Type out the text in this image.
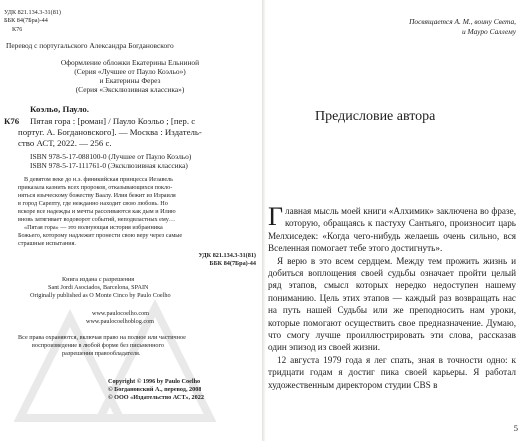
УДК 821.134.3-31(81)
ББК 84(7Бра)-44
К76
Перевод с португальского Александра Богдановского
Оформление обложки Екатерины Ельниной
(Серия «Лучшее от Пауло Коэльо»)
и Екатерины Ферез
(Серия «Эксклюзивная классика»)
Коэльо, Пауло.
К76 Пятая гора : [роман] / Пауло Коэльо ; [пер. с
португ. А. Богдановского]. — Москва : Издатель-
ство АСТ, 2022. — 256 с.
ISBN 978-5-17-088100-0 (Лучшее от Пауло Коэльо)
ISBN 978-5-17-111761-0 (Эксклюзивная классика)
В девятом веке до н.э. финикийская принцесса Иезавель
приказала казнить всех пророков, отказывающихся покло-
няться языческому божеству Ваалу. Илия бежит из Израиля
в город Сарепту, где нежданно находит свою любовь. Но
вскоре все надежды и мечты рассеиваются как дым и Илию
вновь затягивает водоворот событий, неподвластных ему…
«Пятая гора» — это волнующая история избранника
Божьего, которому надлежит пронести свою веру через самые
страшные испытания.
УДК 821.134.3-31(81)
ББК 84(7Бра)-44
Книга издана с разрешения
Sant Jordi Asociados, Barcelona, SPAIN
Originally published as O Monte Cinco by Paulo Coelho
www.paulocoelho.com
www.paulocoelhoblog.com
Все права охраняются, включая право на полное или частичное
воспроизведение в любой форме без письменного
разрешения правообладателя.
Copyright © 1996 by Paulo Coelho
© Богдановский А., перевод, 2008
© ООО «Издательство АСТ», 2022
Посвящается А. М., воину Света,
и Мауро Саллему
Предисловие автора

Главная мысль моей книги «Алхимик» заключена во фразе, которую, обращаясь к пастуху Сантьяго, произносит царь Мелхиседек: «Когда чего-нибудь желаешь очень сильно, вся Вселенная помогает тебе этого достигнуть».

Я верю в это всем сердцем. Между тем прожить жизнь и добиться воплощения своей судьбы означает пройти целый ряд этапов, смысл которых нередко недоступен нашему пониманию. Цель этих этапов — каждый раз возвращать нас на путь нашей Судьбы или же преподносить нам уроки, которые помогают осуществить свое предназначение. Думаю, что смогу лучше проиллюстрировать эти слова, рассказав один эпизод из своей жизни.

12 августа 1979 года я лег спать, зная в точности одно: к тридцати годам я достиг пика своей карьеры. Я работал художественным директором студии CBS в

5
